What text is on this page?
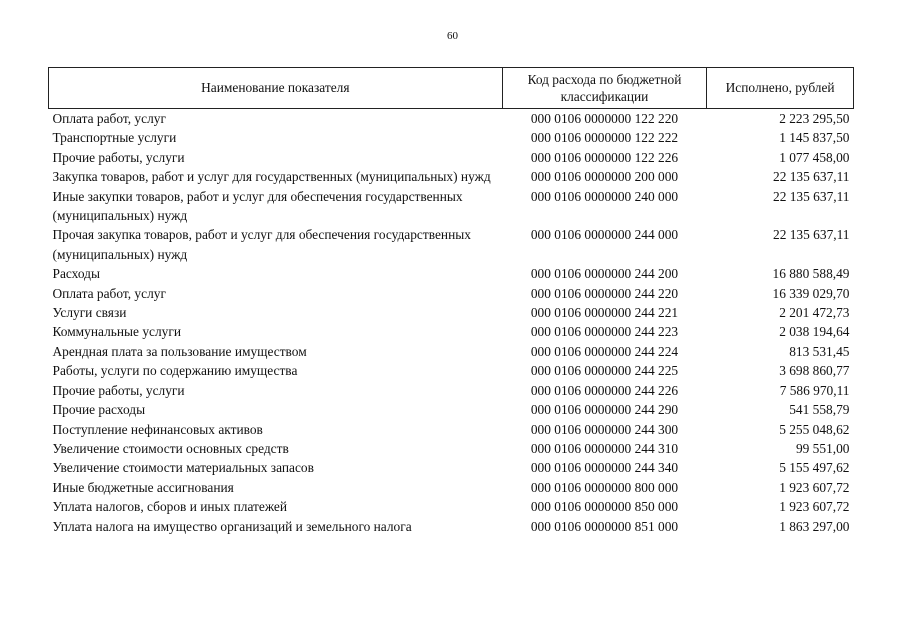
60
Наименование показателя	Код расхода по бюджетной классификации	Исполнено, рублей
Оплата работ, услуг	000 0106 0000000 122 220	2 223 295,50
Транспортные услуги	000 0106 0000000 122 222	1 145 837,50
Прочие работы, услуги	000 0106 0000000 122 226	1 077 458,00
Закупка товаров, работ и услуг для государственных (муниципальных) нужд	000 0106 0000000 200 000	22 135 637,11
Иные закупки товаров, работ и услуг для обеспечения государственных (муниципальных) нужд	000 0106 0000000 240 000	22 135 637,11
Прочая закупка товаров, работ и услуг для обеспечения государственных (муниципальных) нужд	000 0106 0000000 244 000	22 135 637,11
Расходы	000 0106 0000000 244 200	16 880 588,49
Оплата работ, услуг	000 0106 0000000 244 220	16 339 029,70
Услуги связи	000 0106 0000000 244 221	2 201 472,73
Коммунальные услуги	000 0106 0000000 244 223	2 038 194,64
Арендная плата за пользование имуществом	000 0106 0000000 244 224	813 531,45
Работы, услуги по содержанию имущества	000 0106 0000000 244 225	3 698 860,77
Прочие работы, услуги	000 0106 0000000 244 226	7 586 970,11
Прочие расходы	000 0106 0000000 244 290	541 558,79
Поступление нефинансовых активов	000 0106 0000000 244 300	5 255 048,62
Увеличение стоимости основных средств	000 0106 0000000 244 310	99 551,00
Увеличение стоимости материальных запасов	000 0106 0000000 244 340	5 155 497,62
Иные бюджетные ассигнования	000 0106 0000000 800 000	1 923 607,72
Уплата налогов, сборов и иных платежей	000 0106 0000000 850 000	1 923 607,72
Уплата налога на имущество организаций и земельного налога	000 0106 0000000 851 000	1 863 297,00
